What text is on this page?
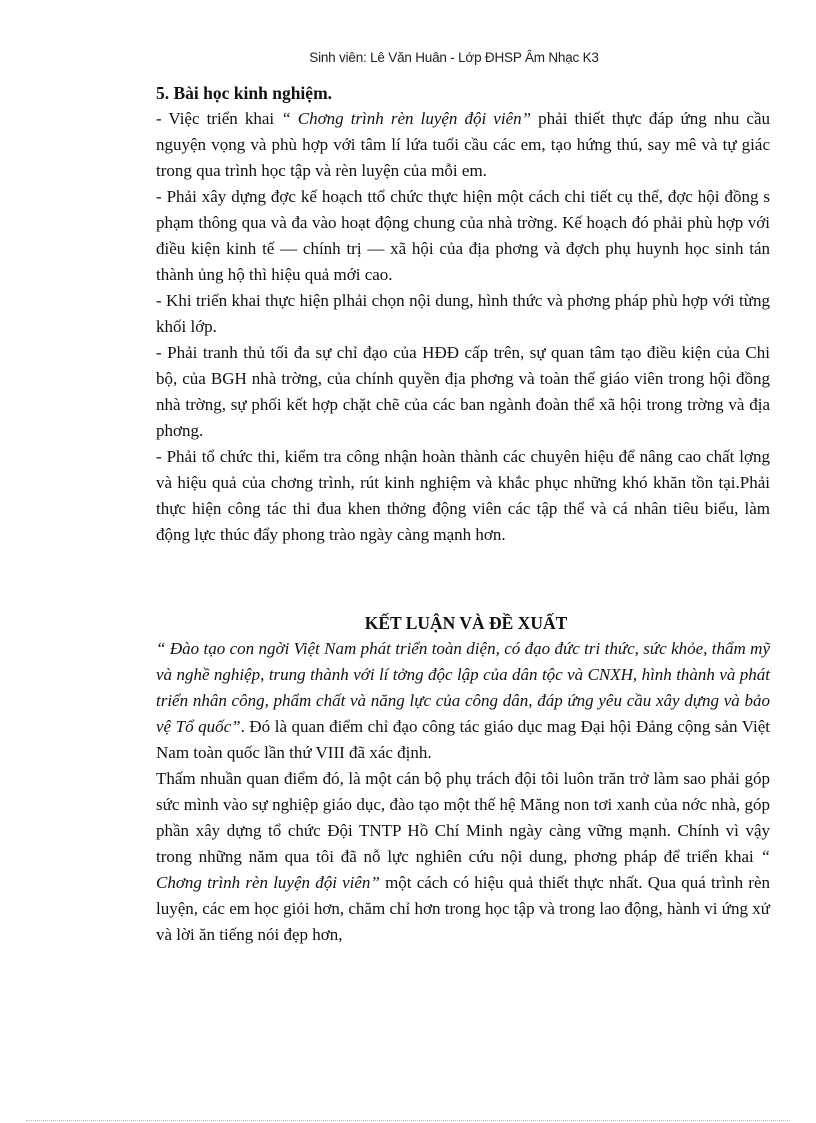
Sinh viên: Lê Văn Huân - Lớp ĐHSP Âm Nhạc K3

5. Bài học kinh nghiệm.

- Việc triển khai “ Chơng trình rèn luyện đội viên” phải thiết thực đáp ứng nhu cầu nguyện vọng và phù hợp với tâm lí lứa tuổi cầu các em, tạo hứng thú, say mê và tự giác trong qua trình học tập và rèn luyện của mỗi em.

- Phải xây dựng đợc kế hoạch ttổ chức thực hiện một cách chi tiết cụ thể, đợc hội đồng s phạm thông qua và đa vào hoạt động chung của nhà trờng. Kế hoạch đó phải phù hợp với điều kiện kinh tế — chính trị — xã hội của địa phơng và đợch phụ huynh học sinh tán thành ủng hộ thì hiệu quả mới cao.

- Khi triển khai thực hiện plhải chọn nội dung, hình thức và phơng pháp phù hợp với từng khối lớp.

- Phải tranh thủ tối đa sự chỉ đạo của HĐĐ cấp trên, sự quan tâm tạo điều kiện của Chi bộ, của BGH nhà trờng, của chính quyền địa phơng và toàn thể giáo viên trong hội đồng nhà trờng, sự phối kết hợp chặt chẽ của các ban ngành đoàn thể xã hội trong trờng và địa phơng.

- Phải tổ chức thi, kiểm tra công nhận hoàn thành các chuyên hiệu để nâng cao chất lợng và hiệu quả của chơng trình, rút kinh nghiệm và khắc phục những khó khăn tồn tại.Phải thực hiện công tác thi đua khen thởng động viên các tập thể và cá nhân tiêu biểu, làm động lực thúc đẩy phong trào ngày càng mạnh hơn.

KẾT LUẬN VÀ ĐỀ XUẤT

“ Đào tạo con ngời Việt Nam phát triển toàn diện, có đạo đức tri thức, sức khỏe, thẩm mỹ và nghề nghiệp, trung thành với lí tởng độc lập của dân tộc và CNXH, hình thành và phát triển nhân công, phẩm chất và năng lực của công dân, đáp ứng yêu cầu xây dựng và bảo vệ Tổ quốc”. Đó là quan điểm chỉ đạo công tác giáo dục mag Đại hội Đảng cộng sản Việt Nam toàn quốc lần thứ VIII đã xác định.

Thấm nhuần quan điểm đó, là một cán bộ phụ trách đội tôi luôn trăn trở làm sao phải góp sức mình vào sự nghiệp giáo dục, đào tạo một thế hệ Măng non tơi xanh của nớc nhà, góp phần xây dựng tổ chức Đội TNTP Hồ Chí Minh ngày càng vững mạnh. Chính vì vậy trong những năm qua tôi đã nỗ lực nghiên cứu nội dung, phơng pháp để triển khai “ Chơng trình rèn luyện đội viên” một cách có hiệu quả thiết thực nhất. Qua quá trình rèn luyện, các em học giỏi hơn, chăm chỉ hơn trong học tập và trong lao động, hành vi ứng xử và lời ăn tiếng nói đẹp hơn,
